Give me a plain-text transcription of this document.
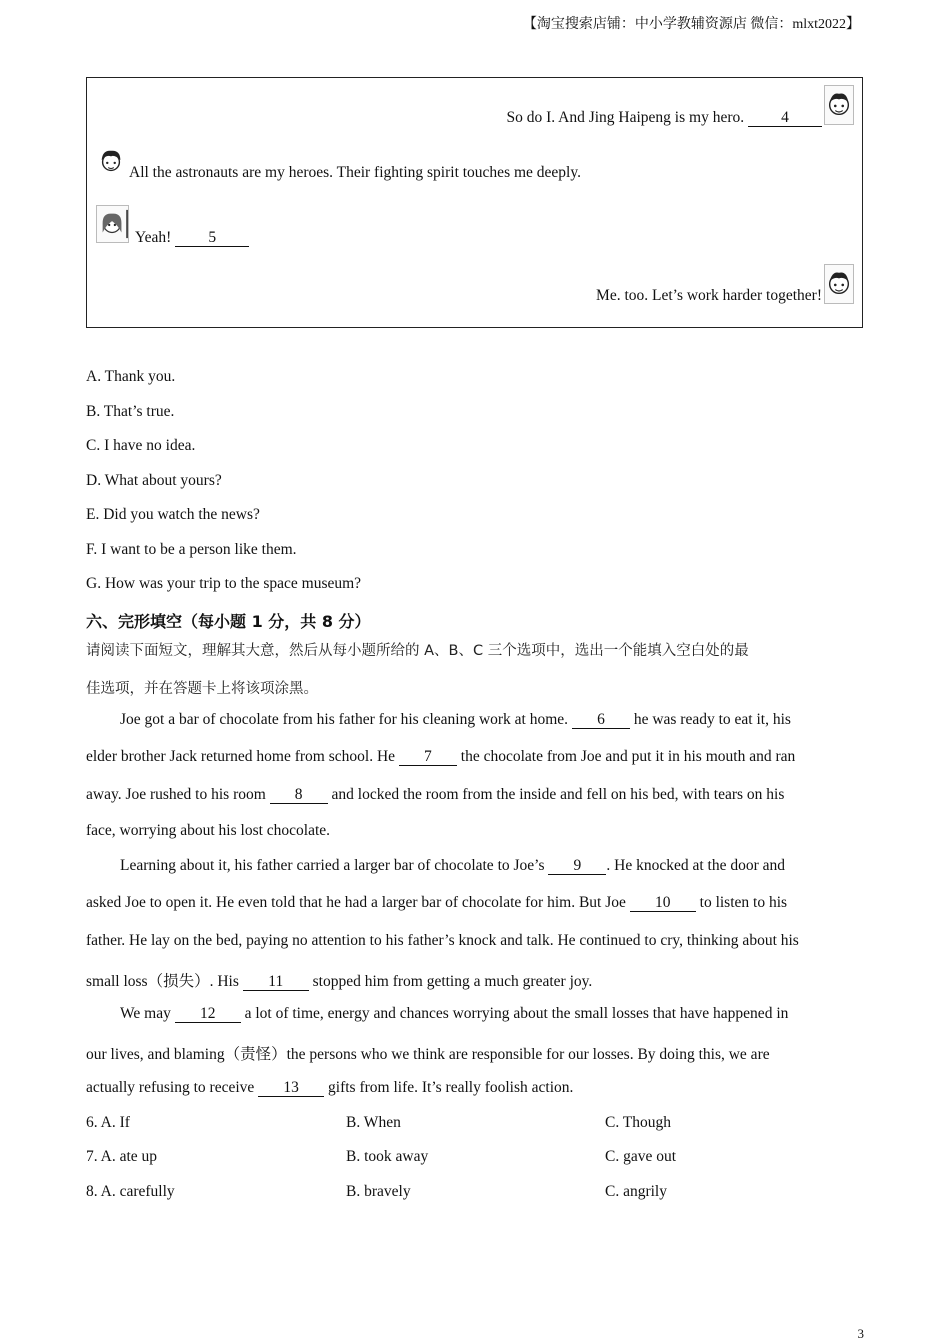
【淘宝搜索店铺：中小学教辅资源店 微信：mlxt2022】
So do I. And Jing Haipeng is my hero. 4
All the astronauts are my heroes. Their fighting spirit touches me deeply.
Yeah! 5
Me. too. Let’s work harder together!
A. Thank you.
B. That’s true.
C. I have no idea.
D. What about yours?
E. Did you watch the news?
F. I want to be a person like them.
G. How was your trip to the space museum?
六、完形填空（每小题 1 分，共 8 分）
请阅读下面短文，理解其大意，然后从每小题所给的 A、B、C 三个选项中，选出一个能填入空白处的最
佳选项，并在答题卡上将该项涂黑。
Joe got a bar of chocolate from his father for his cleaning work at home. 6 he was ready to eat it, his
elder brother Jack returned home from school. He 7 the chocolate from Joe and put it in his mouth and ran
away. Joe rushed to his room 8 and locked the room from the inside and fell on his bed, with tears on his
face, worrying about his lost chocolate.
Learning about it, his father carried a larger bar of chocolate to Joe’s 9 . He knocked at the door and
asked Joe to open it. He even told that he had a larger bar of chocolate for him. But Joe 10 to listen to his
father. He lay on the bed, paying no attention to his father’s knock and talk. He continued to cry, thinking about his
small loss（损失）. His 11 stopped him from getting a much greater joy.
We may 12 a lot of time, energy and chances worrying about the small losses that have happened in
our lives, and blaming（责怪）the persons who we think are responsible for our losses. By doing this, we are
actually refusing to receive 13 gifts from life. It’s really foolish action.
6. A. If	B. When	C. Though
7. A. ate up	B. took away	C. gave out
8. A. carefully	B. bravely	C. angrily
3
